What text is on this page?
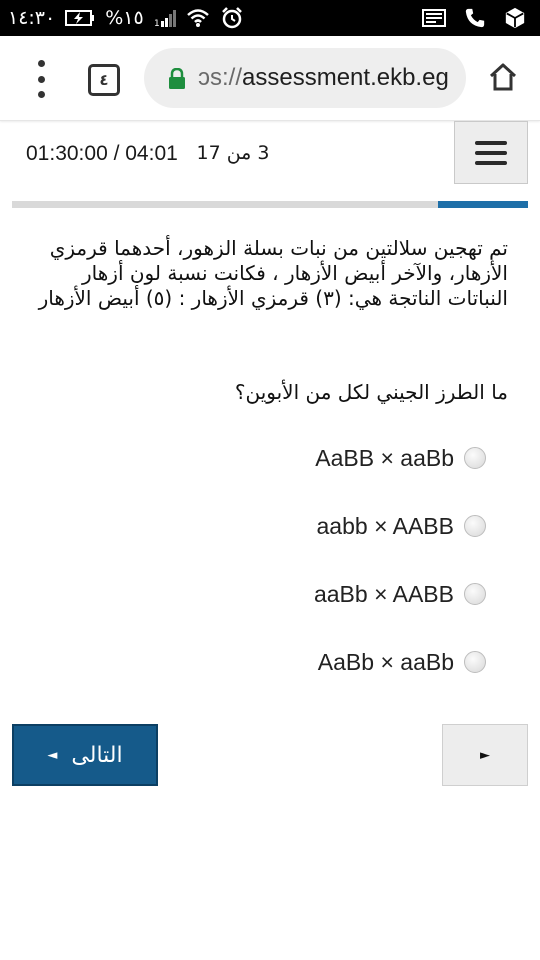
١٤:٣٠	%١٥ 1
٤	ɔs://assessment.ekb.eg
01:30:00 / 04:01 3 من 17
تم تهجين سلالتين من نبات بسلة الزهور، أحدهما قرمزي الأزهار، والآخر أبيض الأزهار ، فكانت نسبة لون أزهار النباتات الناتجة هي: (٣) قرمزي الأزهار : (٥) أبيض الأزهار
ما الطرز الجيني لكل من الأبوين؟
AaBB × aaBb
aabb × AABB
aaBb × AABB
AaBb × aaBb
التالى
◄	►
